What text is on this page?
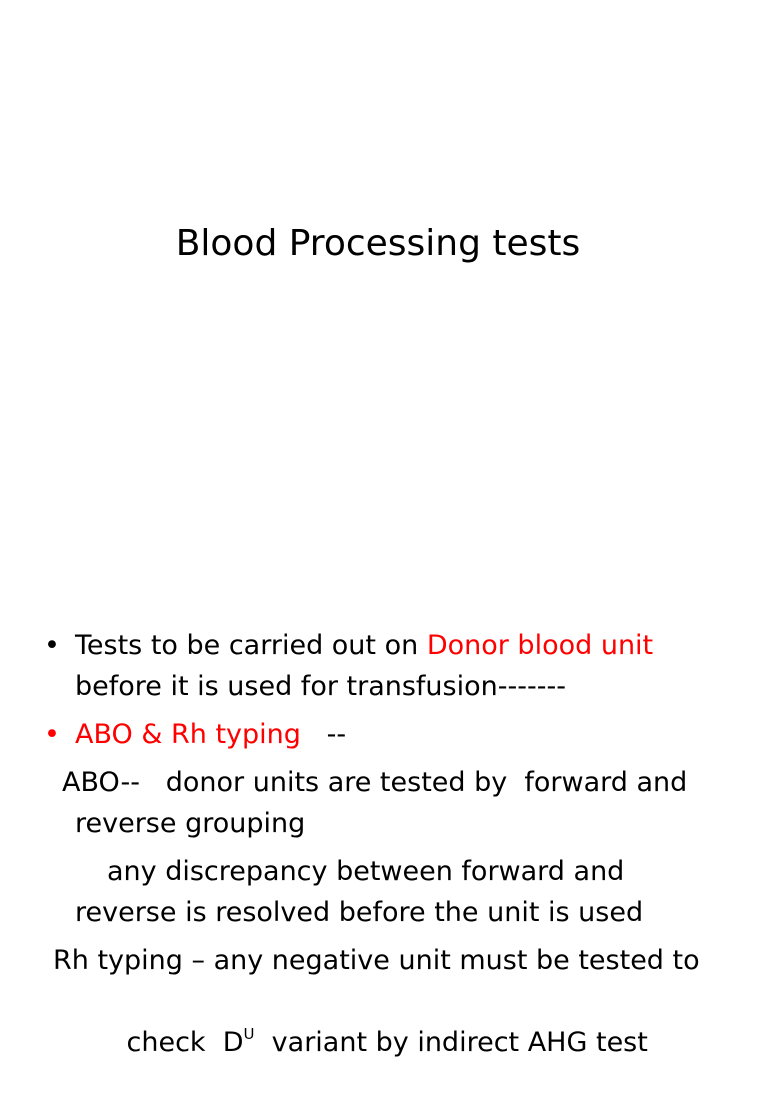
Blood Processing tests
• Tests to be carried out on Donor blood unit
before it is used for transfusion-------
• ABO & Rh typing   --
ABO--   donor units are tested by  forward and
reverse grouping
any discrepancy between forward and
reverse is resolved before the unit is used
Rh typing – any negative unit must be tested to

check  $D^U$  variant by indirect AHG test
